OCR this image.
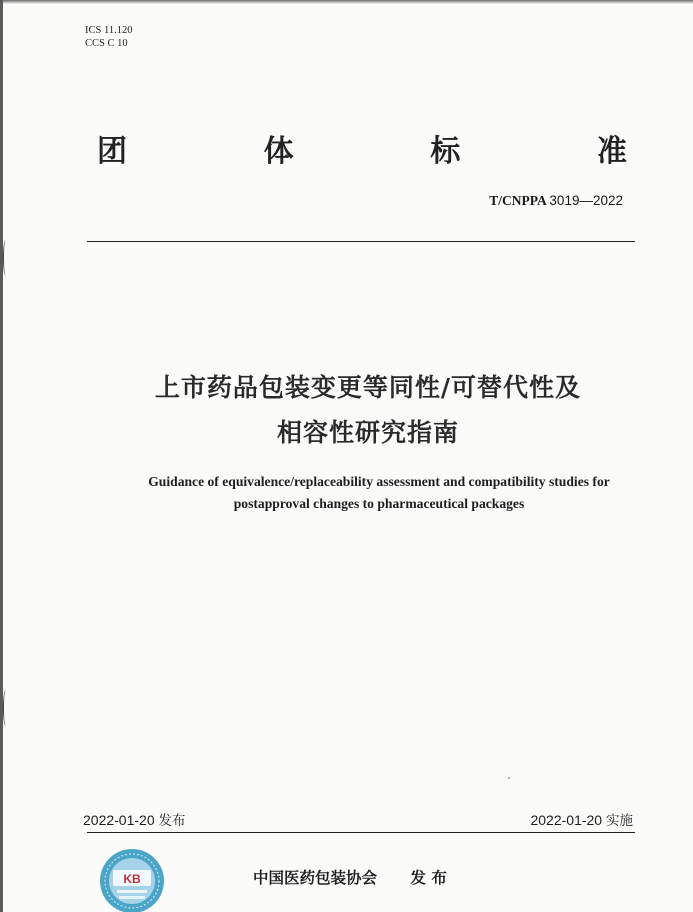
ICS 11.120
CCS C 10
团	体	标	准
T/CNPPA 3019—2022
上市药品包装变更等同性/可替代性及
相容性研究指南
Guidance of equivalence/replaceability assessment and compatibility studies for
postapproval changes to pharmaceutical packages
2022-01-20 发布	2022-01-20 实施
KB	中国医药包装协会 发 布
